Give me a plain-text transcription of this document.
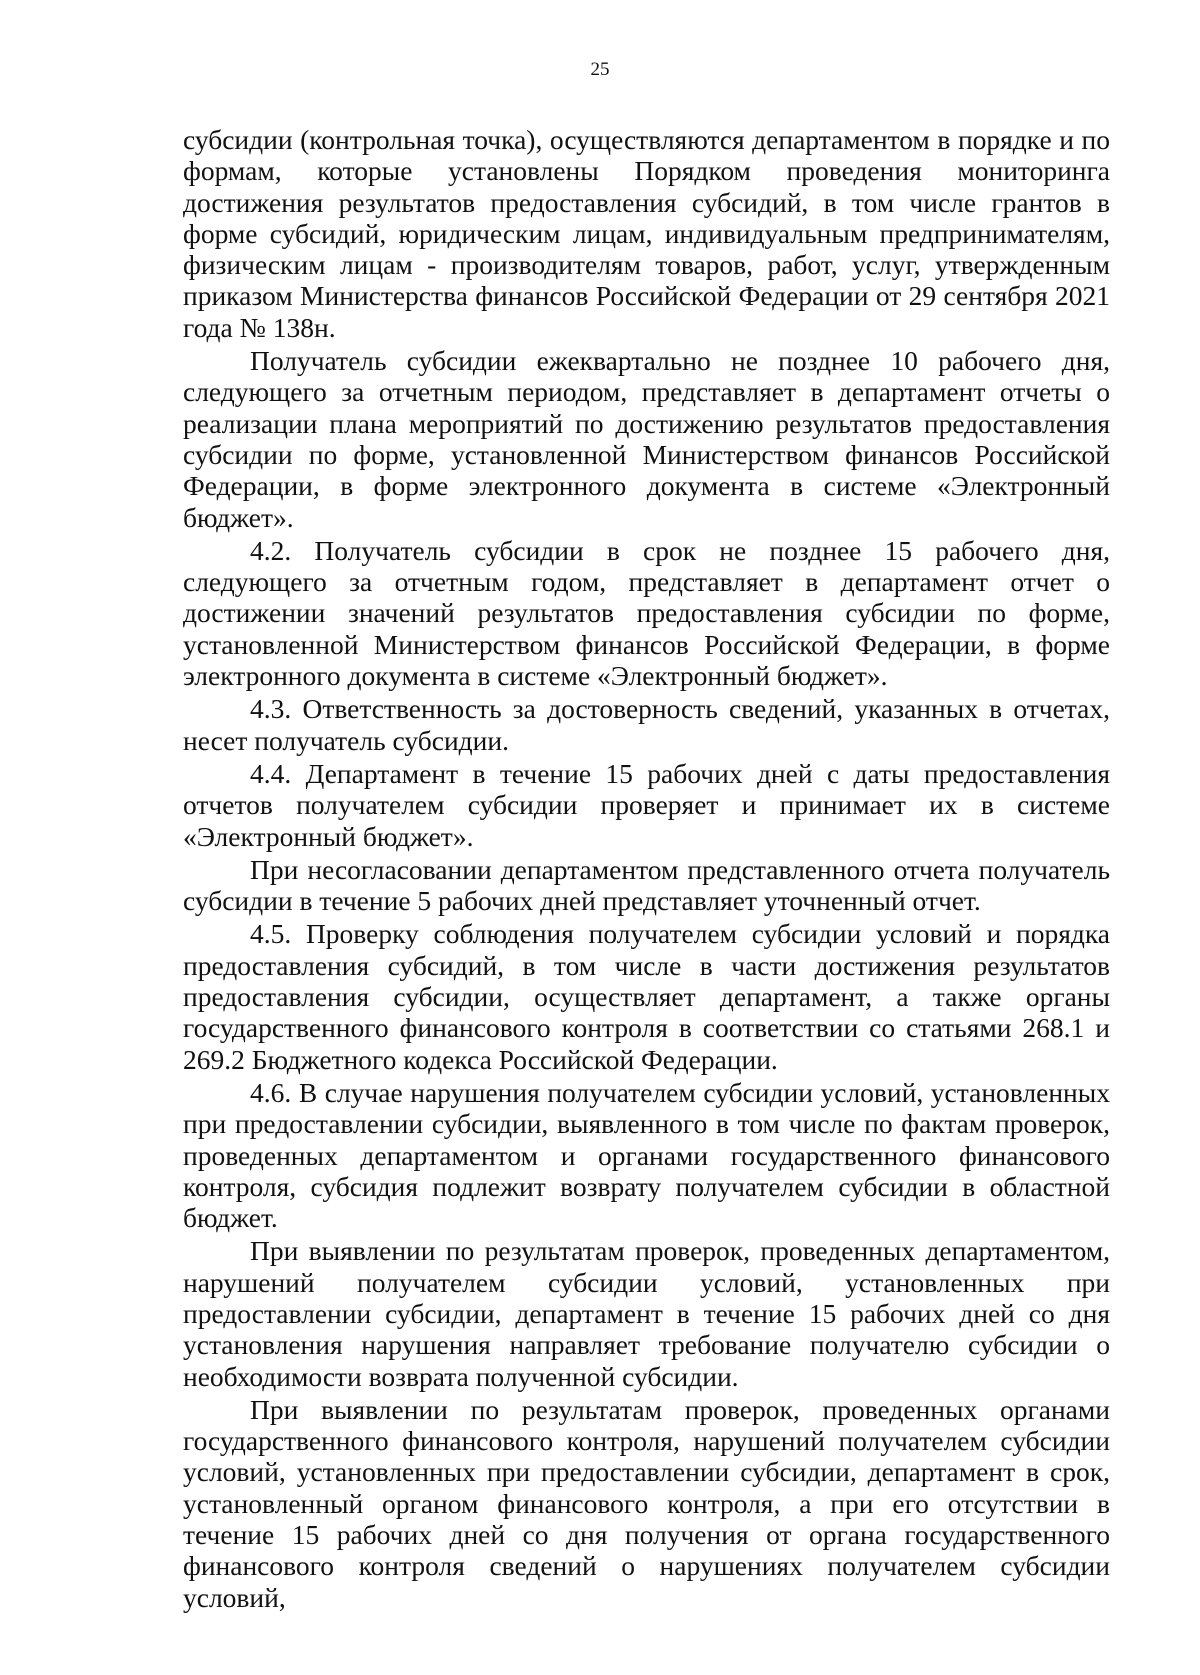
25

субсидии (контрольная точка), осуществляются департаментом в порядке и по формам, которые установлены Порядком проведения мониторинга достижения результатов предоставления субсидий, в том числе грантов в форме субсидий, юридическим лицам, индивидуальным предпринимателям, физическим лицам - производителям товаров, работ, услуг, утвержденным приказом Министерства финансов Российской Федерации от 29 сентября 2021 года № 138н.

Получатель субсидии ежеквартально не позднее 10 рабочего дня, следующего за отчетным периодом, представляет в департамент отчеты о реализации плана мероприятий по достижению результатов предоставления субсидии по форме, установленной Министерством финансов Российской Федерации, в форме электронного документа в системе «Электронный бюджет».

4.2. Получатель субсидии в срок не позднее 15 рабочего дня, следующего за отчетным годом, представляет в департамент отчет о достижении значений результатов предоставления субсидии по форме, установленной Министерством финансов Российской Федерации, в форме электронного документа в системе «Электронный бюджет».

4.3. Ответственность за достоверность сведений, указанных в отчетах, несет получатель субсидии.

4.4. Департамент в течение 15 рабочих дней с даты предоставления отчетов получателем субсидии проверяет и принимает их в системе «Электронный бюджет».

При несогласовании департаментом представленного отчета получатель субсидии в течение 5 рабочих дней представляет уточненный отчет.

4.5. Проверку соблюдения получателем субсидии условий и порядка предоставления субсидий, в том числе в части достижения результатов предоставления субсидии, осуществляет департамент, а также органы государственного финансового контроля в соответствии со статьями 268.1 и 269.2 Бюджетного кодекса Российской Федерации.

4.6. В случае нарушения получателем субсидии условий, установленных при предоставлении субсидии, выявленного в том числе по фактам проверок, проведенных департаментом и органами государственного финансового контроля, субсидия подлежит возврату получателем субсидии в областной бюджет.

При выявлении по результатам проверок, проведенных департаментом, нарушений получателем субсидии условий, установленных при предоставлении субсидии, департамент в течение 15 рабочих дней со дня установления нарушения направляет требование получателю субсидии о необходимости возврата полученной субсидии.

При выявлении по результатам проверок, проведенных органами государственного финансового контроля, нарушений получателем субсидии условий, установленных при предоставлении субсидии, департамент в срок, установленный органом финансового контроля, а при его отсутствии в течение 15 рабочих дней со дня получения от органа государственного финансового контроля сведений о нарушениях получателем субсидии условий,
